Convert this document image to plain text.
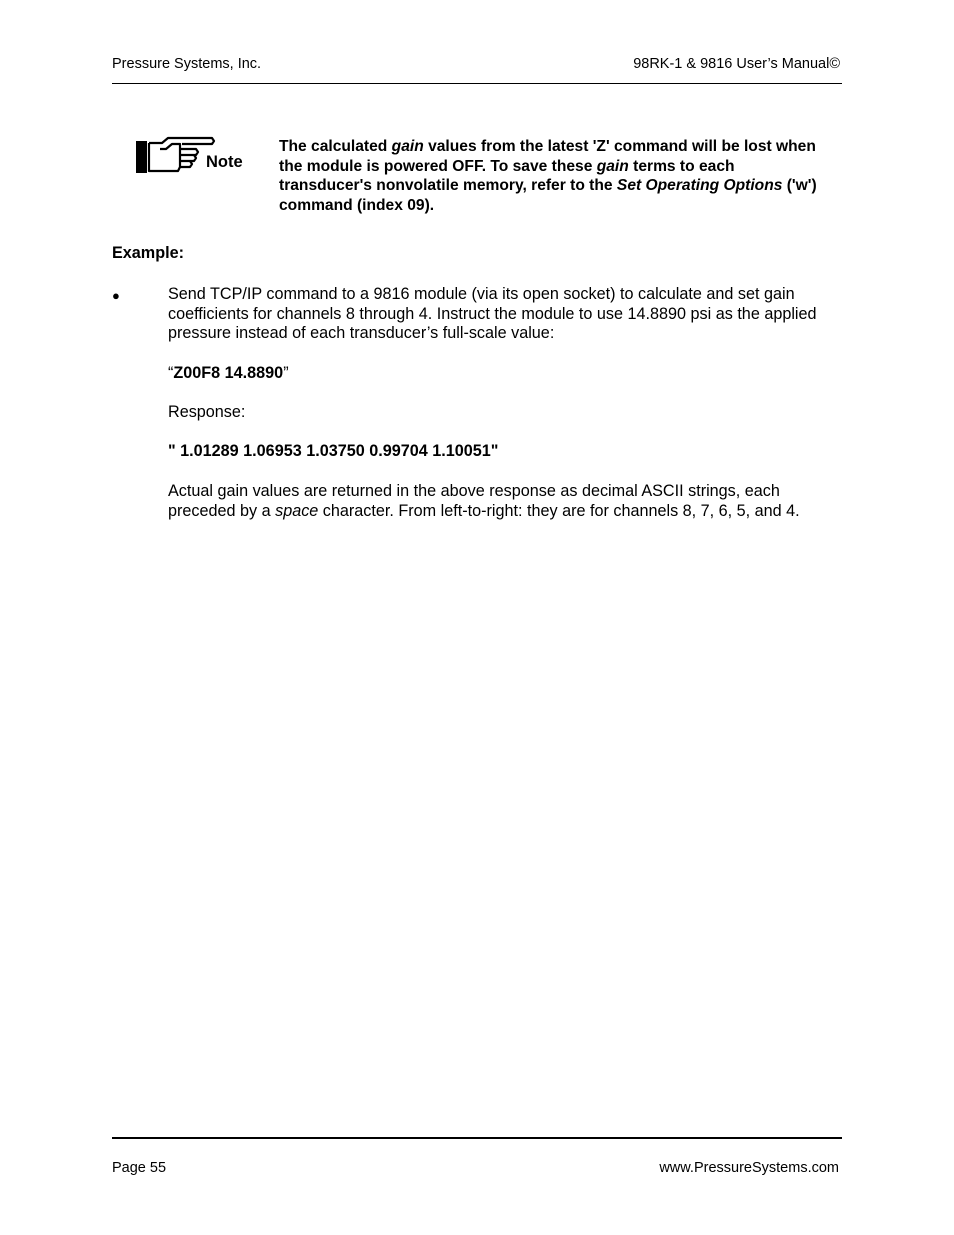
Pressure Systems, Inc.	98RK-1 & 9816 User’s Manual©
Note
The calculated gain values from the latest 'Z' command will be lost when the module is powered OFF. To save these gain terms to each transducer's nonvolatile memory, refer to the Set Operating Options ('w') command (index 09).
Example:
●	Send TCP/IP command to a 9816 module (via its open socket) to calculate and set gain coefficients for channels 8 through 4. Instruct the module to use 14.8890 psi as the applied pressure instead of each transducer’s full-scale value:
“Z00F8 14.8890”
Response:
" 1.01289 1.06953 1.03750 0.99704 1.10051"
Actual gain values are returned in the above response as decimal ASCII strings, each preceded by a space character. From left-to-right: they are for channels 8, 7, 6, 5, and 4.
Page 55	www.PressureSystems.com
